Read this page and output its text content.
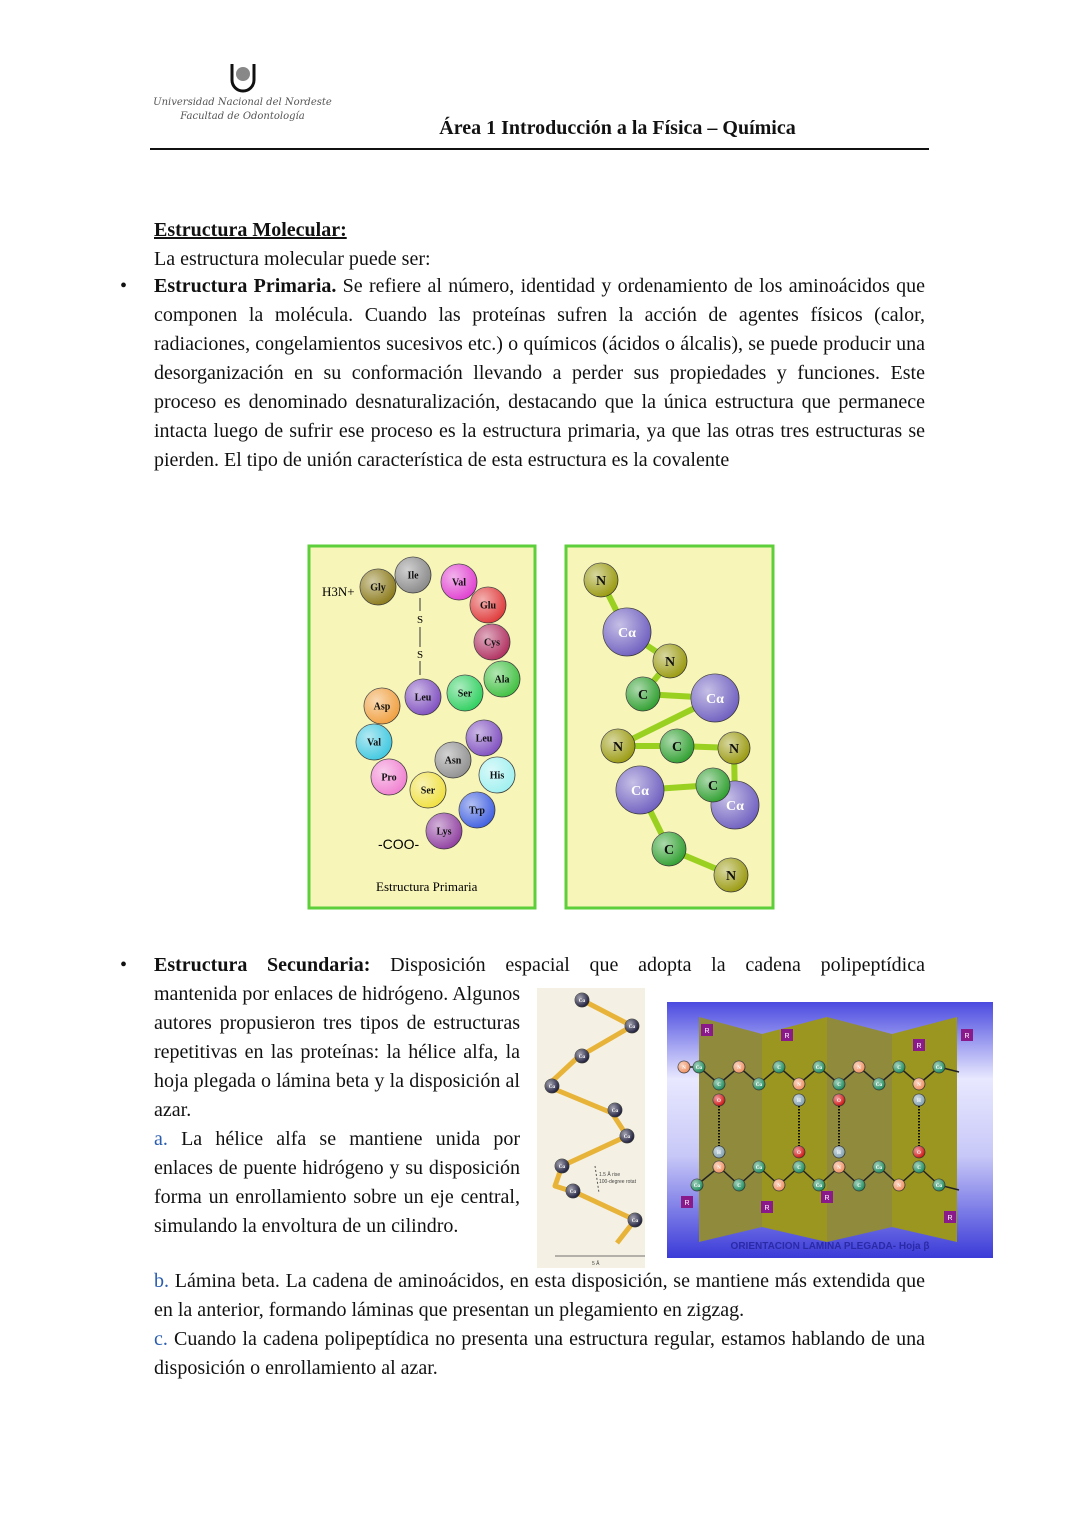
Universidad Nacional del Nordeste
Facultad de Odontología
Área 1 Introducción a la Física – Química
Estructura Molecular:
La estructura molecular puede ser:
• Estructura Primaria. Se refiere al número, identidad y ordenamiento de los aminoácidos que componen la molécula. Cuando las proteínas sufren la acción de agentes físicos (calor, radiaciones, congelamientos sucesivos etc.) o químicos (ácidos o álcalis), se puede producir una desorganización en su conformación llevando a perder sus propiedades y funciones. Este proceso es denominado desnaturalización, destacando que la única estructura que permanece intacta luego de sufrir ese proceso es la estructura primaria, ya que las otras tres estructuras se pierden. El tipo de unión característica de esta estructura es la covalente

Gly
Ile
Val
Glu
Cys
Ala
Ser
Leu
Asp
Val
Pro
Ser
Asn
Leu
His
Trp
Lys
N
Cα
N
C	Cα
N	C	N
Cα
C
Cα
C
N
H3N+
S
S
-COO-
Estructura Primaria
• Estructura Secundaria: Disposición espacial que adopta la cadena polipeptídica

mantenida por enlaces de hidrógeno. Algunos autores propusieron tres tipos de estructuras repetitivas en las proteínas: la hélice alfa, la hoja plegada o lámina beta y la disposición al azar.

a. La hélice alfa se mantiene unida por enlaces de puente hidrógeno y su disposición forma un enrollamiento sobre un eje central, simulando la envoltura de un cilindro.

b. Lámina beta. La cadena de aminoácidos, en esta disposición, se mantiene más extendida que en la anterior, formando láminas que presentan un plegamiento en zigzag.

c. Cuando la cadena polipeptídica no presenta una estructura regular, estamos hablando de una disposición o enrollamiento al azar.

Cα
Cα
Cα
Cα
Cα
Cα
Cα
Cα
Cα
1.5 Å rise
100-degree rotat
5 Å
N Cα
C
N
Cα
C
N
Cα
C
N
Cα
C
N
Cα
Cα
N
C
Cα
N
C
Cα
N
C
Cα
N
C
Cα
O	H	O	H
H	O	H	O
R
R
R
R
R
R
R
R
ORIENTACION LAMINA PLEGADA- Hoja β
